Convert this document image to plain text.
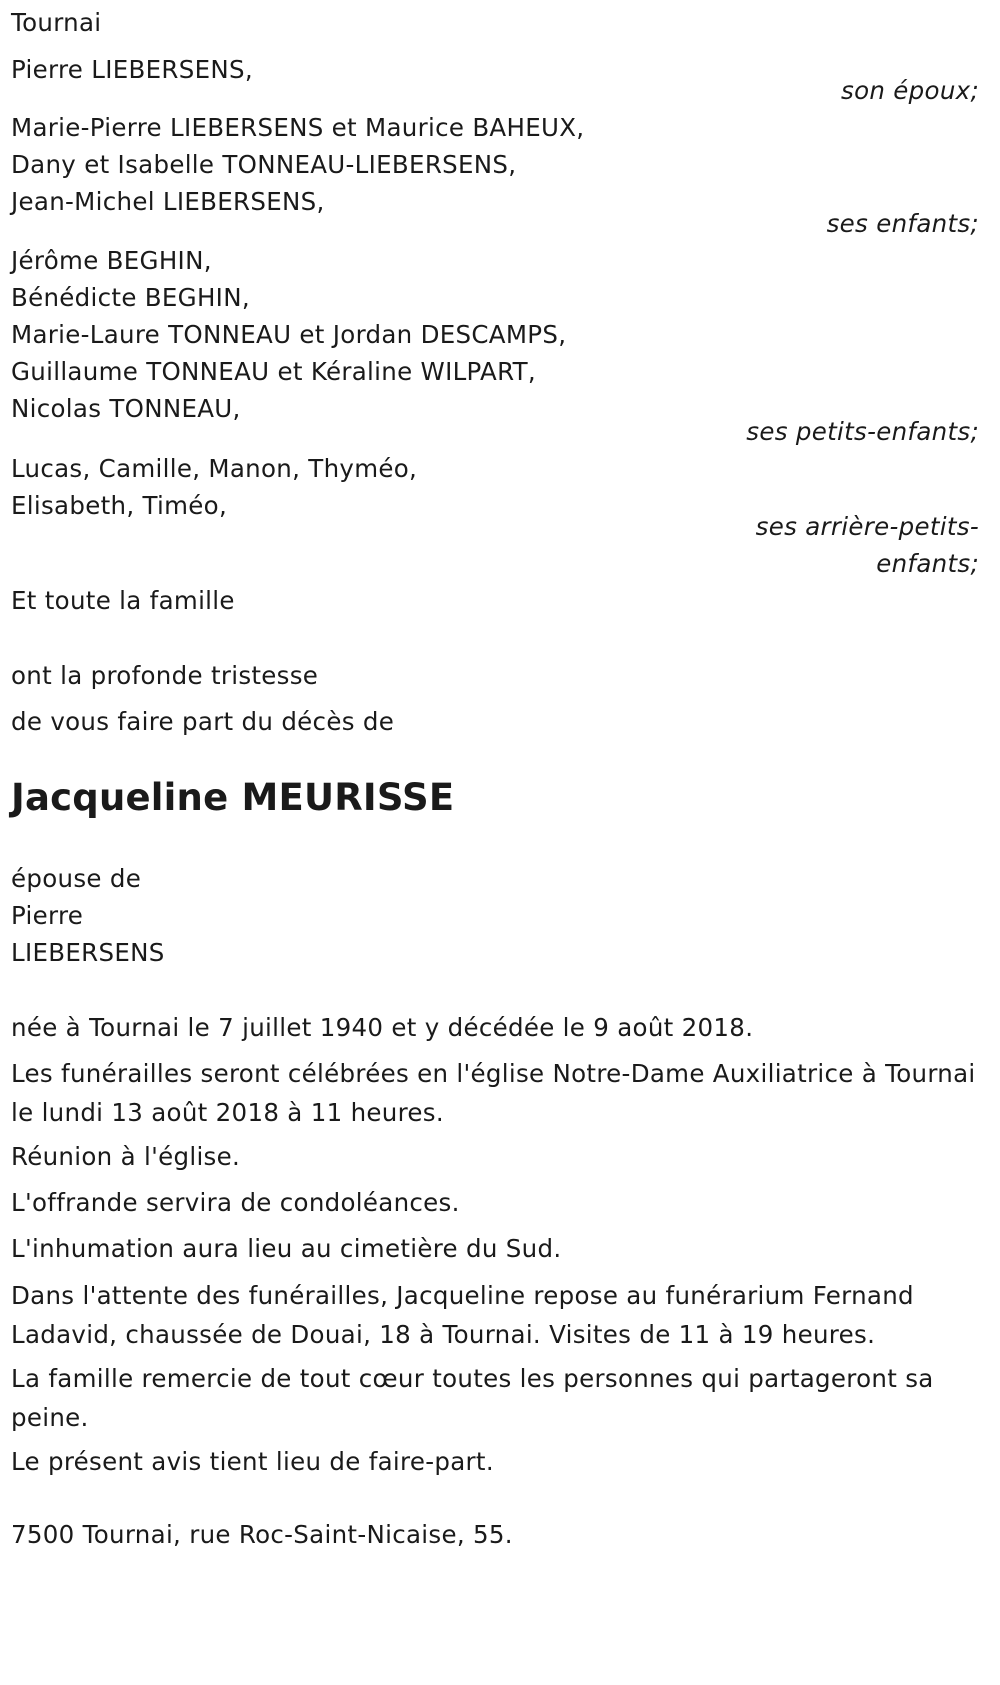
Tournai
Pierre LIEBERSENS,
son époux;
Marie-Pierre LIEBERSENS et Maurice BAHEUX,
Dany et Isabelle TONNEAU-LIEBERSENS,
Jean-Michel LIEBERSENS,
ses enfants;
Jérôme BEGHIN,
Bénédicte BEGHIN,
Marie-Laure TONNEAU et Jordan DESCAMPS,
Guillaume TONNEAU et Kéraline WILPART,
Nicolas TONNEAU,
ses petits-enfants;
Lucas, Camille, Manon, Thyméo,
Elisabeth, Timéo,
ses arrière-petits-
enfants;
Et toute la famille
ont la profonde tristesse
de vous faire part du décès de
Jacqueline MEURISSE
épouse de
Pierre
LIEBERSENS
née à Tournai le 7 juillet 1940 et y décédée le 9 août 2018.
Les funérailles seront célébrées en l'église Notre-Dame Auxiliatrice à Tournai le lundi 13 août 2018 à 11 heures.
Réunion à l'église.
L'offrande servira de condoléances.
L'inhumation aura lieu au cimetière du Sud.
Dans l'attente des funérailles, Jacqueline repose au funérarium Fernand Ladavid, chaussée de Douai, 18 à Tournai. Visites de 11 à 19 heures.
La famille remercie de tout cœur toutes les personnes qui partageront sa peine.
Le présent avis tient lieu de faire-part.
7500 Tournai, rue Roc-Saint-Nicaise, 55.
